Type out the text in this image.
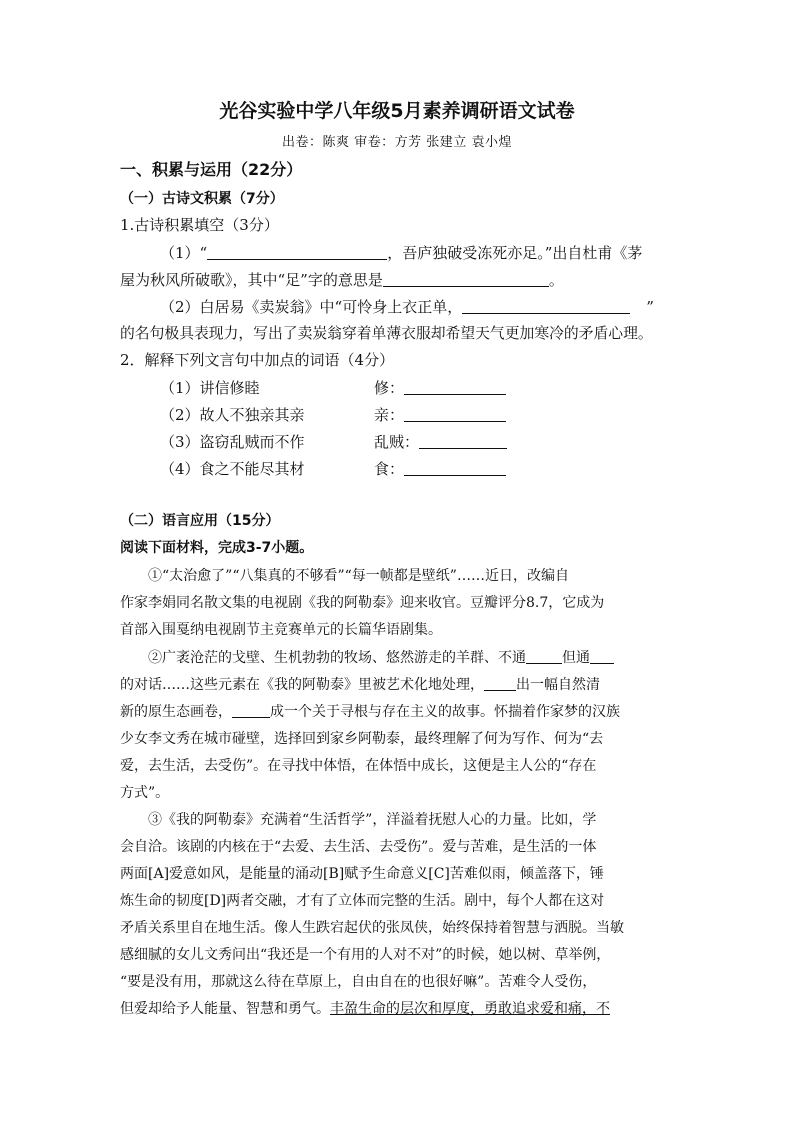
光谷实验中学八年级5月素养调研语文试卷
出卷：陈爽 审卷：方芳 张建立 袁小煌
一、积累与运用（22分）
（一）古诗文积累（7分）
1.古诗积累填空（3分）
（1）“	，吾庐独破受冻死亦足。”出自杜甫《茅
屋为秋风所破歌》，其中“足”字的意思是	。
（2）白居易《卖炭翁》中“可怜身上衣正单，	”
的名句极具表现力，写出了卖炭翁穿着单薄衣服却希望天气更加寒冷的矛盾心理。
2．解释下列文言句中加点的词语（4分）
（1）讲信修睦	修：
（2）故人不独亲其亲	亲：
（3）盗窃乱贼而不作	乱贼：
（4）食之不能尽其材	食：
（二）语言应用（15分）
阅读下面材料，完成3-7小题。
①“太治愈了”“八集真的不够看”“每一帧都是壁纸”……近日，改编自
作家李娟同名散文集的电视剧《我的阿勒泰》迎来收官。豆瓣评分8.7，它成为
首部入围戛纳电视剧节主竞赛单元的长篇华语剧集。
②广袤沧茫的戈壁、生机勃勃的牧场、悠然游走的羊群、不通	但通
的对话……这些元素在《我的阿勒泰》里被艺术化地处理， 出一幅自然清
新的原生态画卷，	成一个关于寻根与存在主义的故事。怀揣着作家梦的汉族
少女李文秀在城市碰壁，选择回到家乡阿勒泰，最终理解了何为写作、何为“去
爱，去生活，去受伤”。在寻找中体悟，在体悟中成长，这便是主人公的“存在
方式”。
③《我的阿勒泰》充满着“生活哲学”，洋溢着抚慰人心的力量。比如，学
会自洽。该剧的内核在于“去爱、去生活、去受伤”。爱与苦难，是生活的一体
两面[A]爱意如风，是能量的涌动[B]赋予生命意义[C]苦难似雨，倾盖落下，锤
炼生命的韧度[D]两者交融，才有了立体而完整的生活。剧中，每个人都在这对
矛盾关系里自在地生活。像人生跌宕起伏的张凤侠，始终保持着智慧与洒脱。当敏
感细腻的女儿文秀问出“我还是一个有用的人对不对”的时候，她以树、草举例，
“要是没有用，那就这么待在草原上，自由自在的也很好嘛”。苦难令人受伤，
但爱却给予人能量、智慧和勇气。丰盈生命的层次和厚度，勇敢追求爱和痛，不
